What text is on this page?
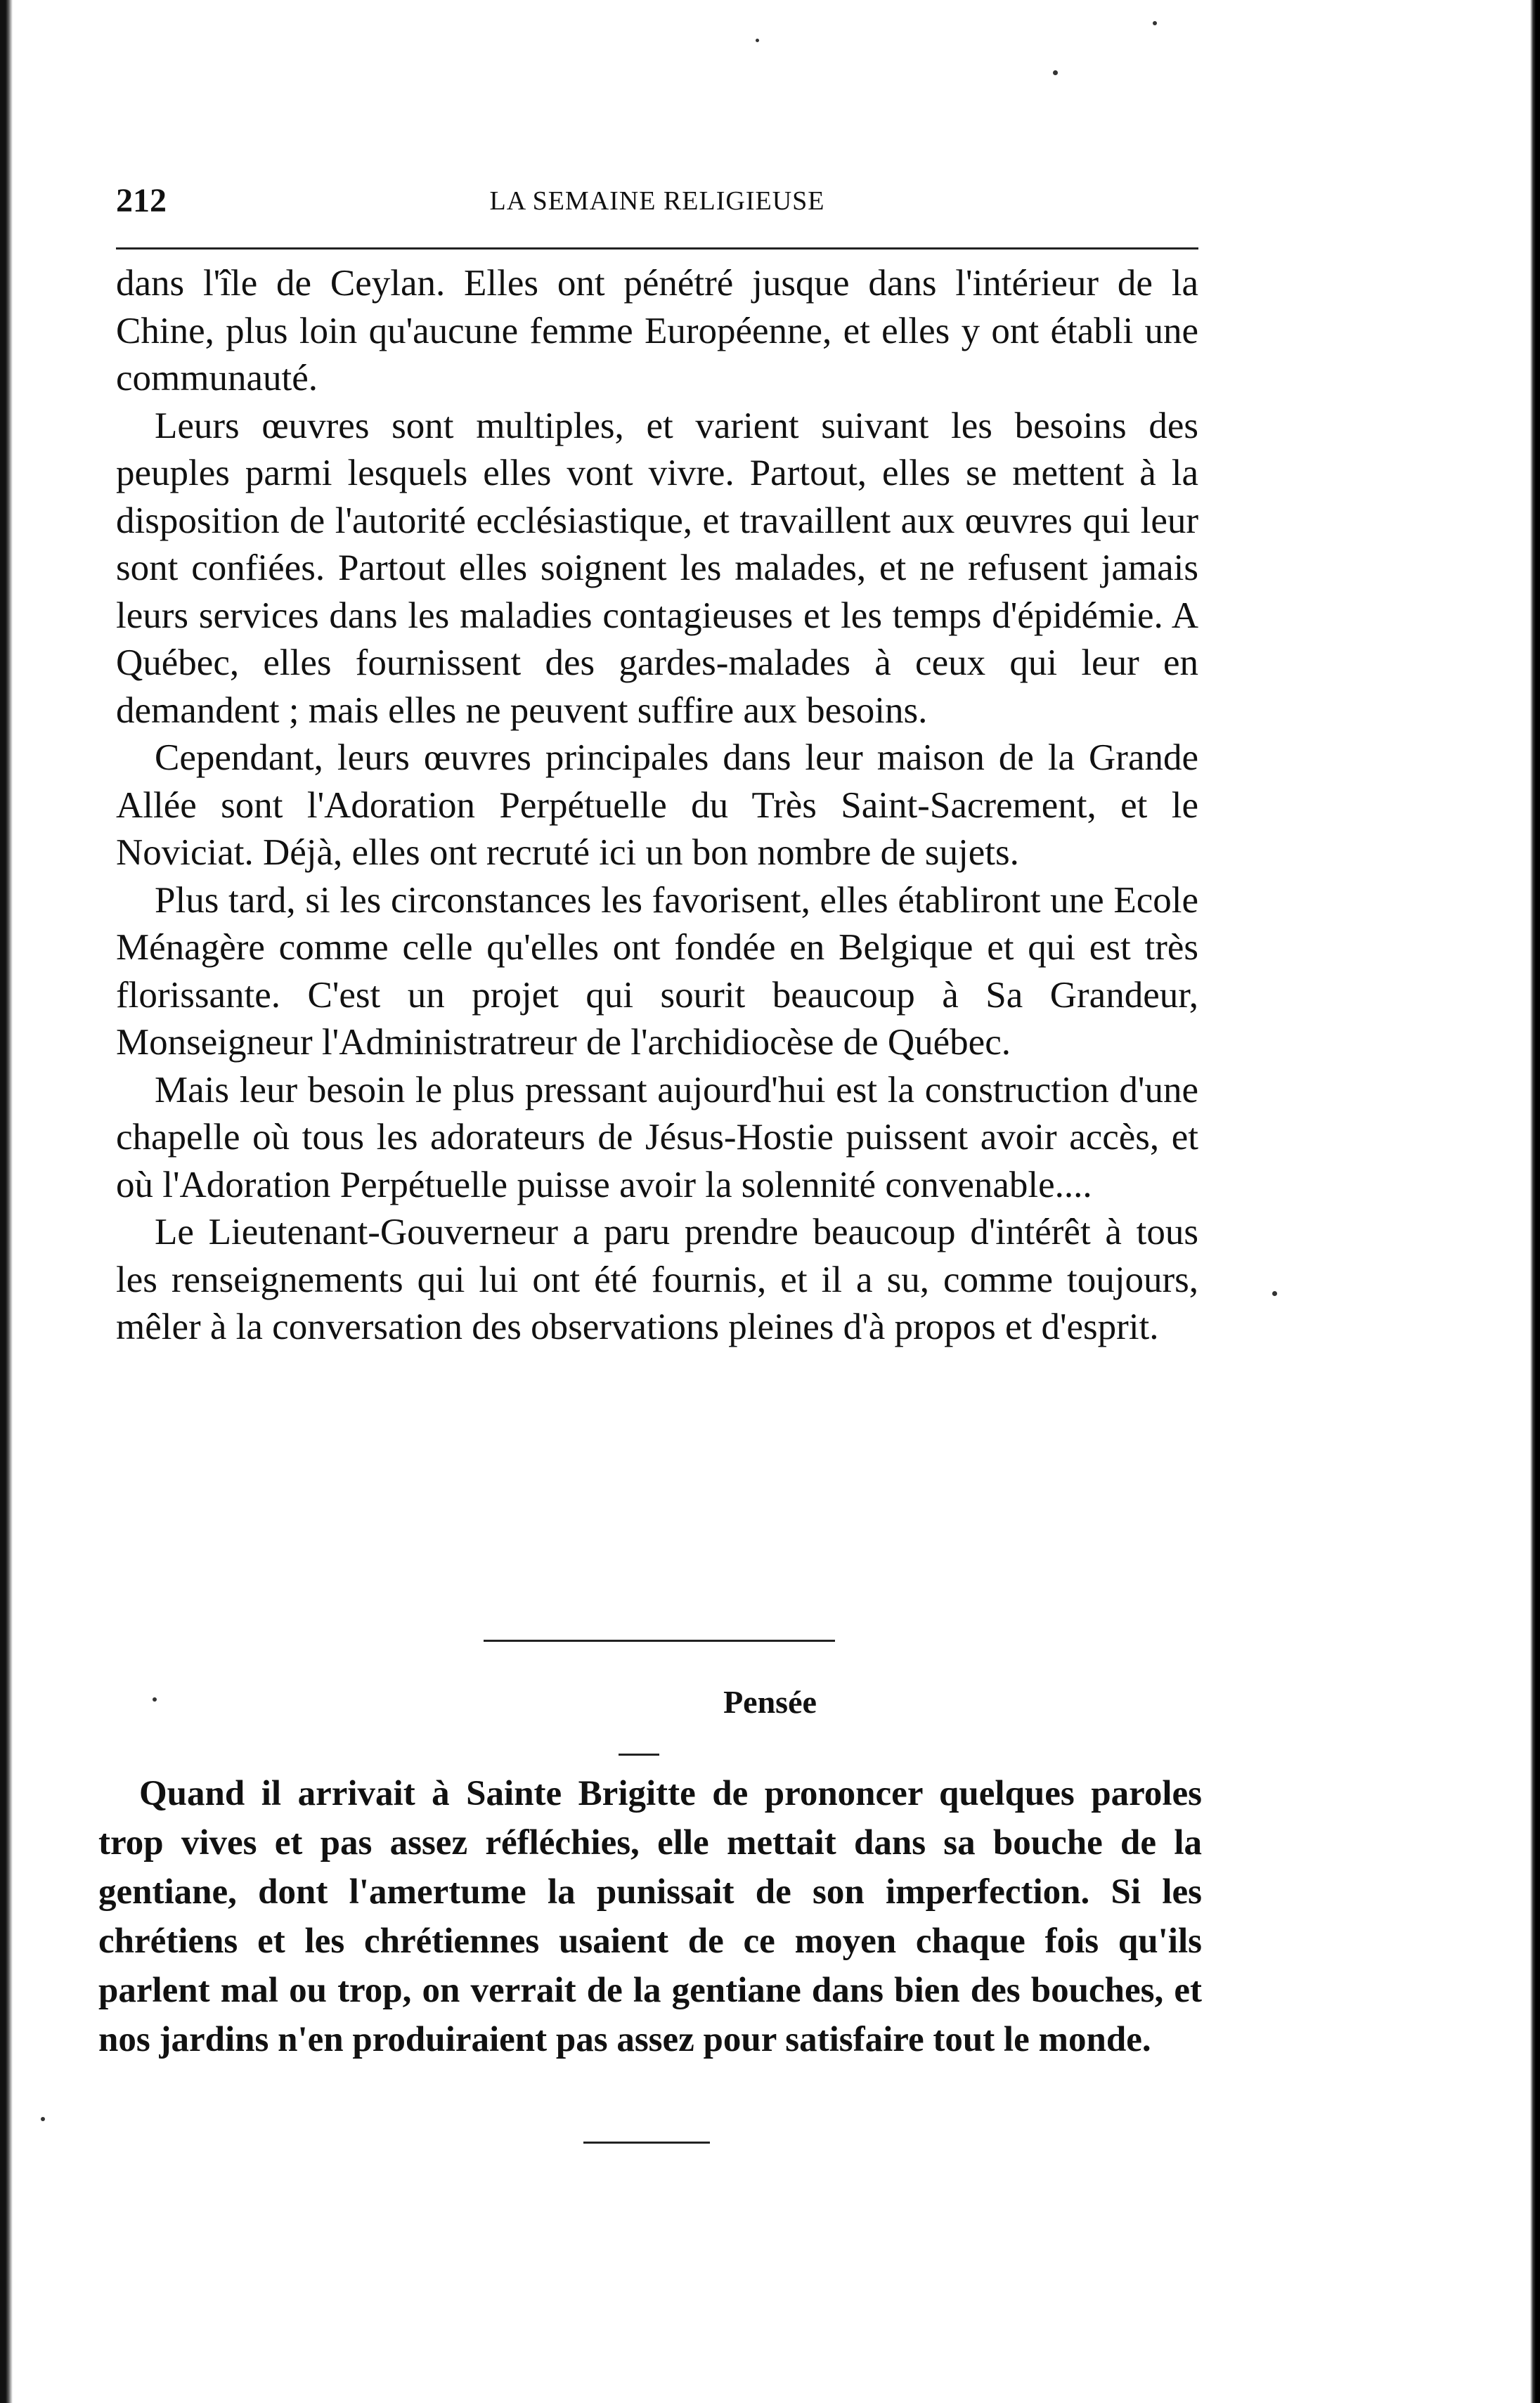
212	LA SEMAINE RELIGIEUSE

dans l'île de Ceylan. Elles ont pénétré jusque dans l'intérieur de la Chine, plus loin qu'aucune femme Européenne, et elles y ont établi une communauté.

Leurs œuvres sont multiples, et varient suivant les besoins des peuples parmi lesquels elles vont vivre. Partout, elles se mettent à la disposition de l'autorité ecclésiastique, et travaillent aux œuvres qui leur sont confiées. Partout elles soignent les malades, et ne refusent jamais leurs services dans les maladies contagieuses et les temps d'épidémie. A Québec, elles fournissent des gardes-malades à ceux qui leur en demandent ; mais elles ne peuvent suffire aux besoins.

Cependant, leurs œuvres principales dans leur maison de la Grande Allée sont l'Adoration Perpétuelle du Très Saint-Sacrement, et le Noviciat. Déjà, elles ont recruté ici un bon nombre de sujets.

Plus tard, si les circonstances les favorisent, elles établiront une Ecole Ménagère comme celle qu'elles ont fondée en Belgique et qui est très florissante. C'est un projet qui sourit beaucoup à Sa Grandeur, Monseigneur l'Administratreur de l'archidiocèse de Québec.

Mais leur besoin le plus pressant aujourd'hui est la construction d'une chapelle où tous les adorateurs de Jésus-Hostie puissent avoir accès, et où l'Adoration Perpétuelle puisse avoir la solennité convenable....

Le Lieutenant-Gouverneur a paru prendre beaucoup d'intérêt à tous les renseignements qui lui ont été fournis, et il a su, comme toujours, mêler à la conversation des observations pleines d'à propos et d'esprit.

Pensée

Quand il arrivait à Sainte Brigitte de prononcer quelques paroles trop vives et pas assez réfléchies, elle mettait dans sa bouche de la gentiane, dont l'amertume la punissait de son imperfection. Si les chrétiens et les chrétiennes usaient de ce moyen chaque fois qu'ils parlent mal ou trop, on verrait de la gentiane dans bien des bouches, et nos jardins n'en produiraient pas assez pour satisfaire tout le monde.
